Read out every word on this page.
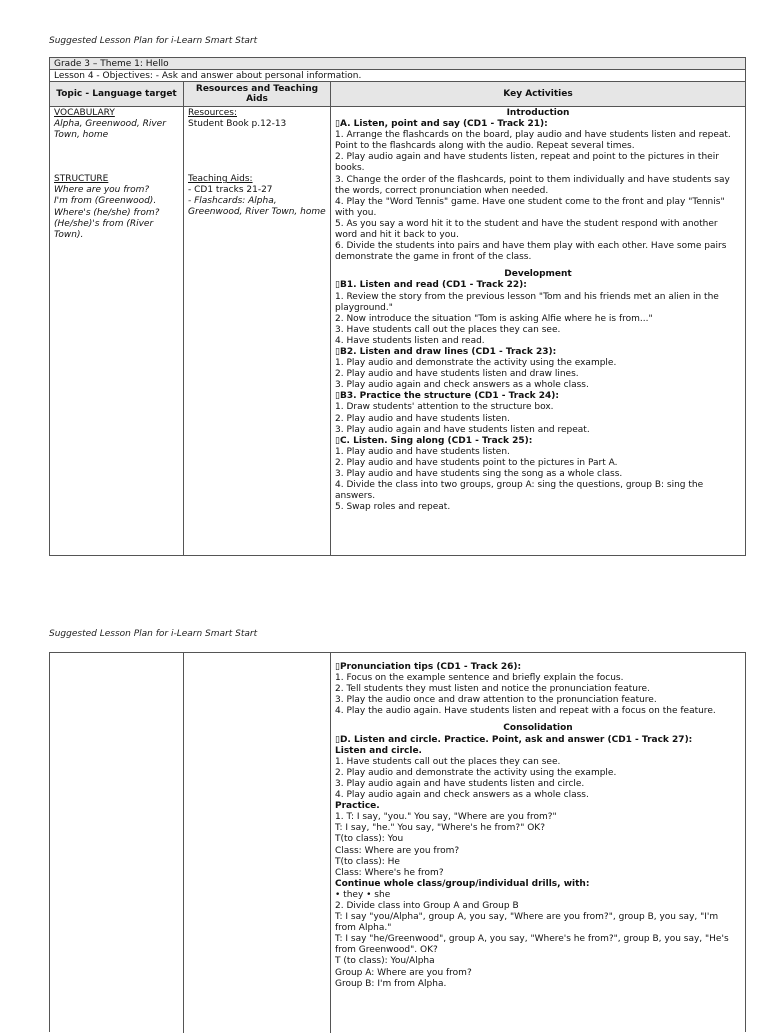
Suggested Lesson Plan for i-Learn Smart Start
Grade 3 – Theme 1: Hello
Lesson 4 - Objectives: - Ask and answer about personal information.
Topic - Language target	Resources and Teaching Aids	Key Activities
VOCABULARY
Alpha, Greenwood, River Town, home
STRUCTURE
Where are you from?
I'm from (Greenwood).
Where's (he/she) from?
(He/she)'s from (River Town).
Resources:
Student Book p.12-13
Teaching Aids:
- CD1 tracks 21-27
- Flashcards: Alpha, Greenwood, River Town, home
Introduction
▯A. Listen, point and say (CD1 - Track 21):
1. Arrange the flashcards on the board, play audio and have students listen and repeat. Point to the flashcards along with the audio. Repeat several times.
2. Play audio again and have students listen, repeat and point to the pictures in their books.
3. Change the order of the flashcards, point to them individually and have students say the words, correct pronunciation when needed.
4. Play the "Word Tennis" game. Have one student come to the front and play "Tennis" with you.
5. As you say a word hit it to the student and have the student respond with another word and hit it back to you.
6. Divide the students into pairs and have them play with each other. Have some pairs demonstrate the game in front of the class.
Development
▯B1. Listen and read (CD1 - Track 22):
1. Review the story from the previous lesson "Tom and his friends met an alien in the playground."
2. Now introduce the situation "Tom is asking Alfie where he is from..."
3. Have students call out the places they can see.
4. Have students listen and read.
▯B2. Listen and draw lines (CD1 - Track 23):
1. Play audio and demonstrate the activity using the example.
2. Play audio and have students listen and draw lines.
3. Play audio again and check answers as a whole class.
▯B3. Practice the structure (CD1 - Track 24):
1. Draw students' attention to the structure box.
2. Play audio and have students listen.
3. Play audio again and have students listen and repeat.
▯C. Listen. Sing along (CD1 - Track 25):
1. Play audio and have students listen.
2. Play audio and have students point to the pictures in Part A.
3. Play audio and have students sing the song as a whole class.
4. Divide the class into two groups, group A: sing the questions, group B: sing the answers.
5. Swap roles and repeat.
Suggested Lesson Plan for i-Learn Smart Start
▯Pronunciation tips (CD1 - Track 26):
1. Focus on the example sentence and briefly explain the focus.
2. Tell students they must listen and notice the pronunciation feature.
3. Play the audio once and draw attention to the pronunciation feature.
4. Play the audio again. Have students listen and repeat with a focus on the feature.
Consolidation
▯D. Listen and circle. Practice. Point, ask and answer (CD1 - Track 27):
Listen and circle.
1. Have students call out the places they can see.
2. Play audio and demonstrate the activity using the example.
3. Play audio again and have students listen and circle.
4. Play audio again and check answers as a whole class.
Practice.
1. T: I say, "you." You say, "Where are you from?"
T: I say, "he." You say, "Where's he from?" OK?
T(to class): You
Class: Where are you from?
T(to class): He
Class: Where's he from?
Continue whole class/group/individual drills, with:
• they • she
2. Divide class into Group A and Group B
T: I say "you/Alpha", group A, you say, "Where are you from?", group B, you say, "I'm from Alpha."
T: I say "he/Greenwood", group A, you say, "Where's he from?", group B, you say, "He's from Greenwood". OK?
T (to class): You/Alpha
Group A: Where are you from?
Group B: I'm from Alpha.
